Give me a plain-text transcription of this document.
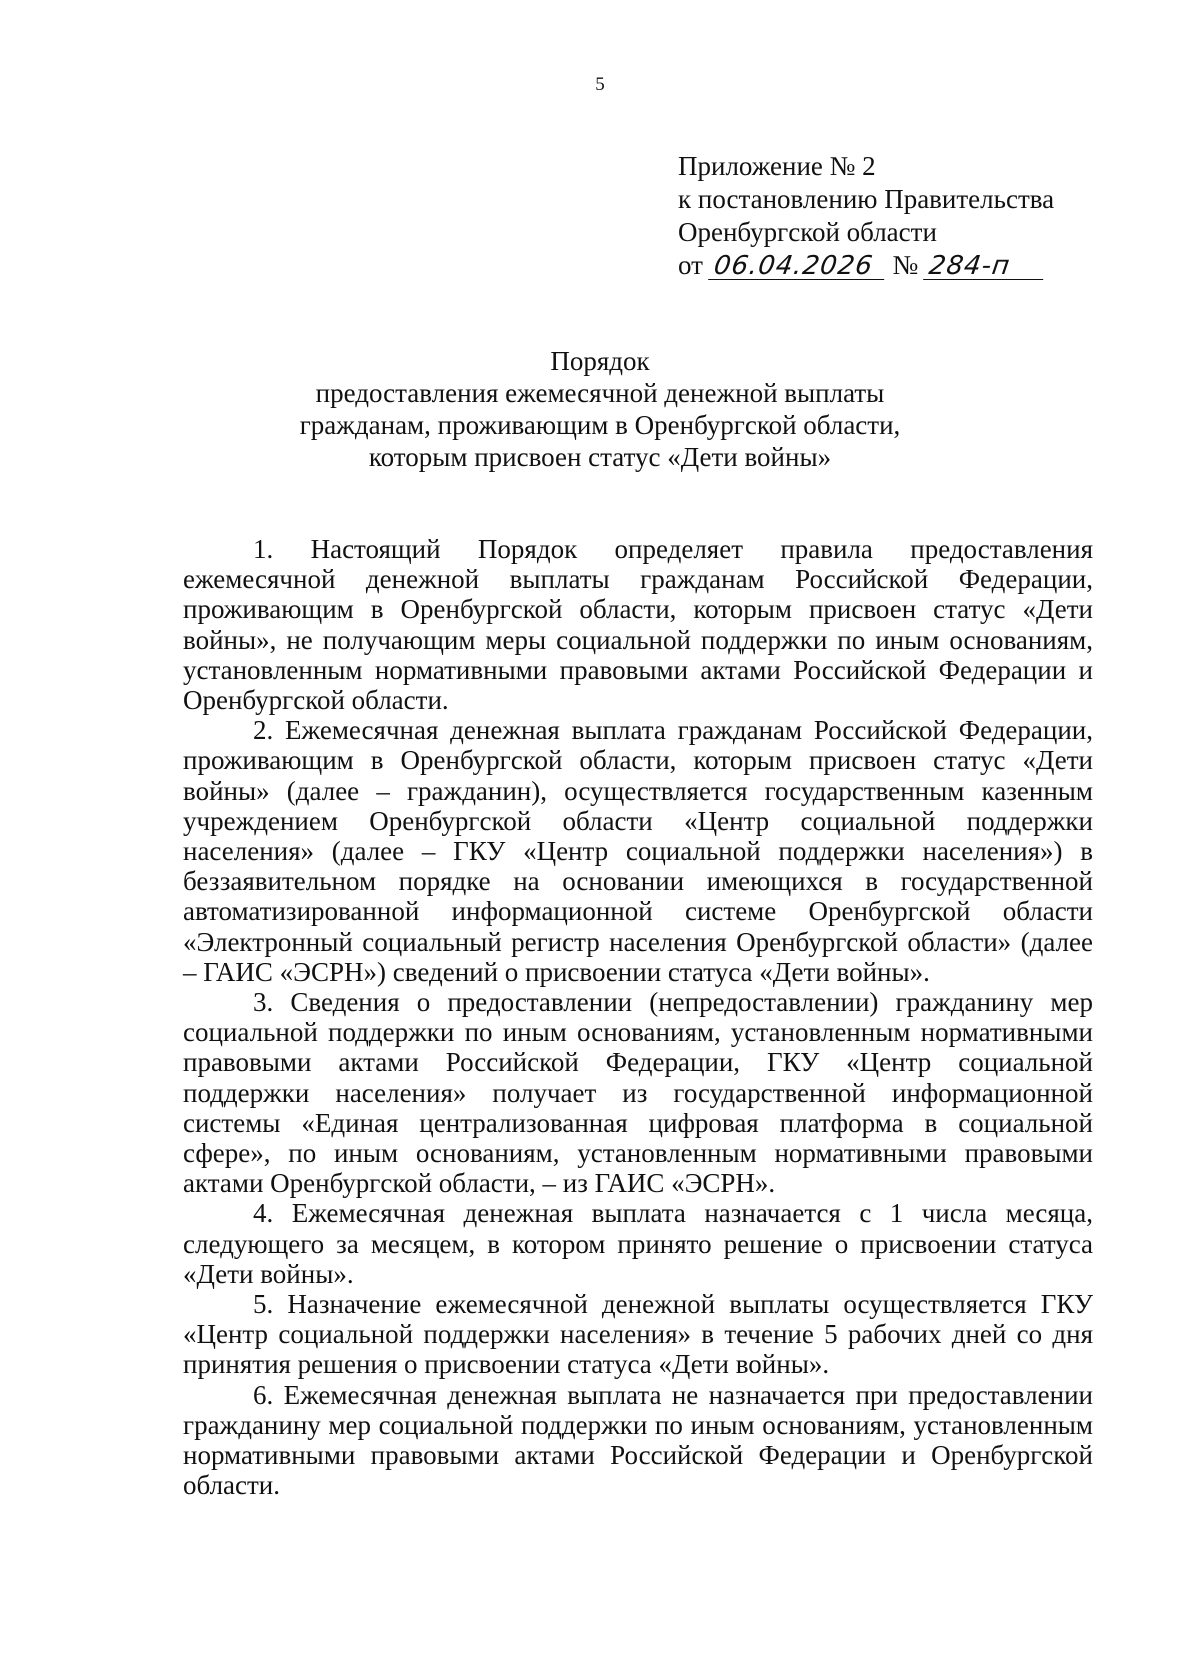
5
Приложение № 2
к постановлению Правительства
Оренбургской области
от 06.04.2026 № 284-п
Порядок
предоставления ежемесячной денежной выплаты
гражданам, проживающим в Оренбургской области,
которым присвоен статус «Дети войны»

1. Настоящий Порядок определяет правила предоставления ежемесячной денежной выплаты гражданам Российской Федерации, проживающим в Оренбургской области, которым присвоен статус «Дети войны», не получающим меры социальной поддержки по иным основаниям, установленным нормативными правовыми актами Российской Федерации и Оренбургской области.

2. Ежемесячная денежная выплата гражданам Российской Федерации, проживающим в Оренбургской области, которым присвоен статус «Дети войны» (далее – гражданин), осуществляется государственным казенным учреждением Оренбургской области «Центр социальной поддержки населения» (далее – ГКУ «Центр социальной поддержки населения») в беззаявительном порядке на основании имеющихся в государственной автоматизированной информационной системе Оренбургской области «Электронный социальный регистр населения Оренбургской области» (далее – ГАИС «ЭСРН») сведений о присвоении статуса «Дети войны».

3. Сведения о предоставлении (непредоставлении) гражданину мер социальной поддержки по иным основаниям, установленным нормативными правовыми актами Российской Федерации, ГКУ «Центр социальной поддержки населения» получает из государственной информационной системы «Единая централизованная цифровая платформа в социальной сфере», по иным основаниям, установленным нормативными правовыми актами Оренбургской области, – из ГАИС «ЭСРН».

4. Ежемесячная денежная выплата назначается с 1 числа месяца, следующего за месяцем, в котором принято решение о присвоении статуса «Дети войны».

5. Назначение ежемесячной денежной выплаты осуществляется ГКУ «Центр социальной поддержки населения» в течение 5 рабочих дней со дня принятия решения о присвоении статуса «Дети войны».

6. Ежемесячная денежная выплата не назначается при предоставлении гражданину мер социальной поддержки по иным основаниям, установленным нормативными правовыми актами Российской Федерации и Оренбургской области.
